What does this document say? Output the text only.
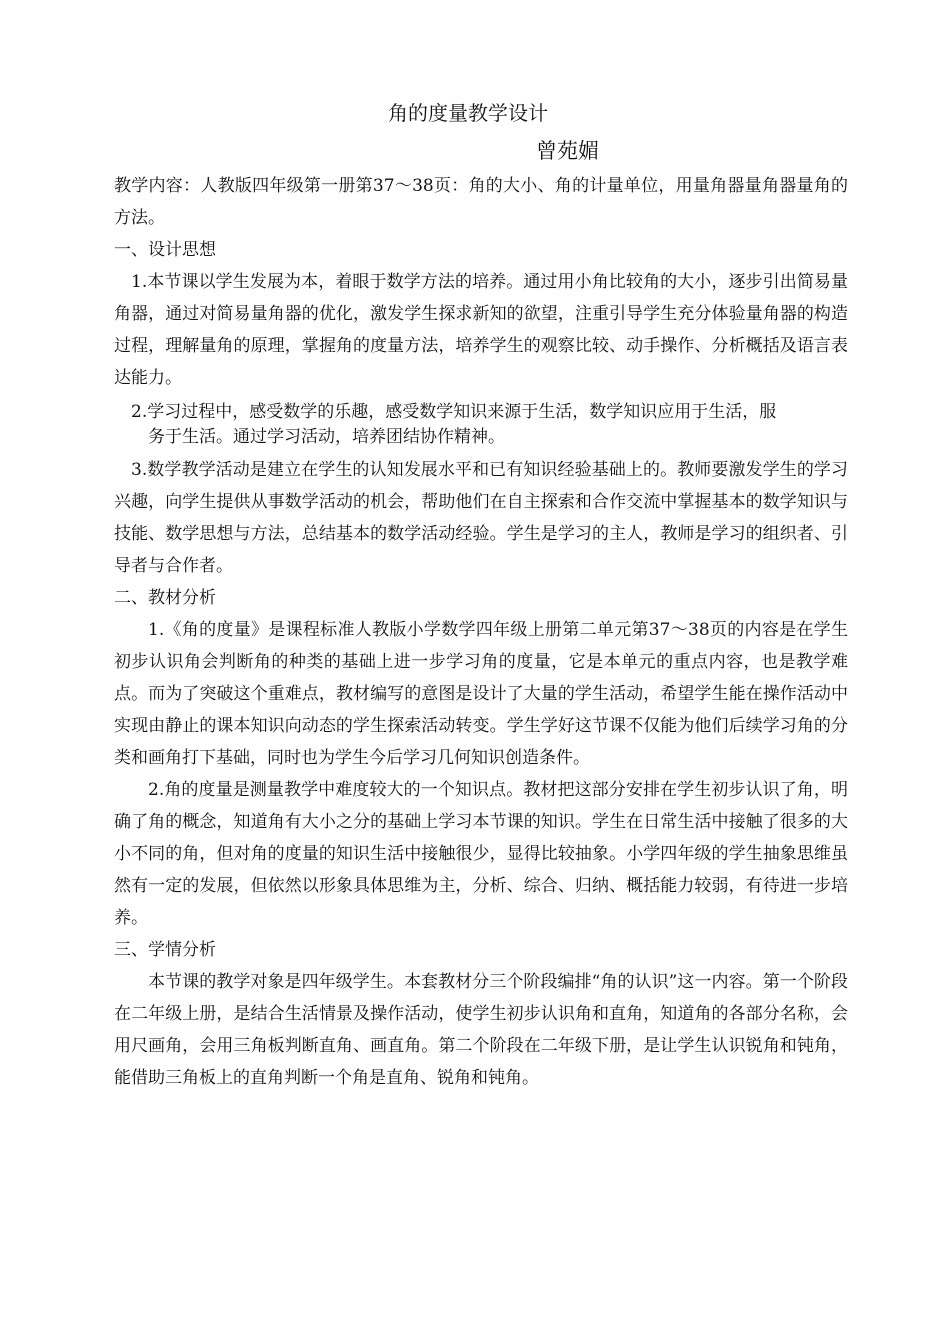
角的度量教学设计
曾苑媚

教学内容：人教版四年级第一册第37～38页：角的大小、角的计量单位，用量角器量角器量角的方法。

一、设计思想

1.本节课以学生发展为本，着眼于数学方法的培养。通过用小角比较角的大小，逐步引出简易量角器，通过对简易量角器的优化，激发学生探求新知的欲望，注重引导学生充分体验量角器的构造过程，理解量角的原理，掌握角的度量方法，培养学生的观察比较、动手操作、分析概括及语言表达能力。

2.学习过程中，感受数学的乐趣，感受数学知识来源于生活，数学知识应用于生活，服
务于生活。通过学习活动，培养团结协作精神。

3.数学教学活动是建立在学生的认知发展水平和已有知识经验基础上的。教师要激发学生的学习兴趣，向学生提供从事数学活动的机会，帮助他们在自主探索和合作交流中掌握基本的数学知识与技能、数学思想与方法，总结基本的数学活动经验。学生是学习的主人，教师是学习的组织者、引导者与合作者。

二、教材分析

1.《角的度量》是课程标准人教版小学数学四年级上册第二单元第37～38页的内容是在学生初步认识角会判断角的种类的基础上进一步学习角的度量，它是本单元的重点内容，也是教学难点。而为了突破这个重难点，教材编写的意图是设计了大量的学生活动，希望学生能在操作活动中实现由静止的课本知识向动态的学生探索活动转变。学生学好这节课不仅能为他们后续学习角的分类和画角打下基础，同时也为学生今后学习几何知识创造条件。

2.角的度量是测量教学中难度较大的一个知识点。教材把这部分安排在学生初步认识了角，明确了角的概念，知道角有大小之分的基础上学习本节课的知识。学生在日常生活中接触了很多的大小不同的角，但对角的度量的知识生活中接触很少，显得比较抽象。小学四年级的学生抽象思维虽然有一定的发展，但依然以形象具体思维为主，分析、综合、归纳、概括能力较弱，有待进一步培养。

三、学情分析

本节课的教学对象是四年级学生。本套教材分三个阶段编排“角的认识”这一内容。第一个阶段　在二年级上册，是结合生活情景及操作活动，使学生初步认识角和直角，知道角的各部分名称，会用尺画角，会用三角板判断直角、画直角。第二个阶段在二年级下册，是让学生认识锐角和钝角，能借助三角板上的直角判断一个角是直角、锐角和钝角。
